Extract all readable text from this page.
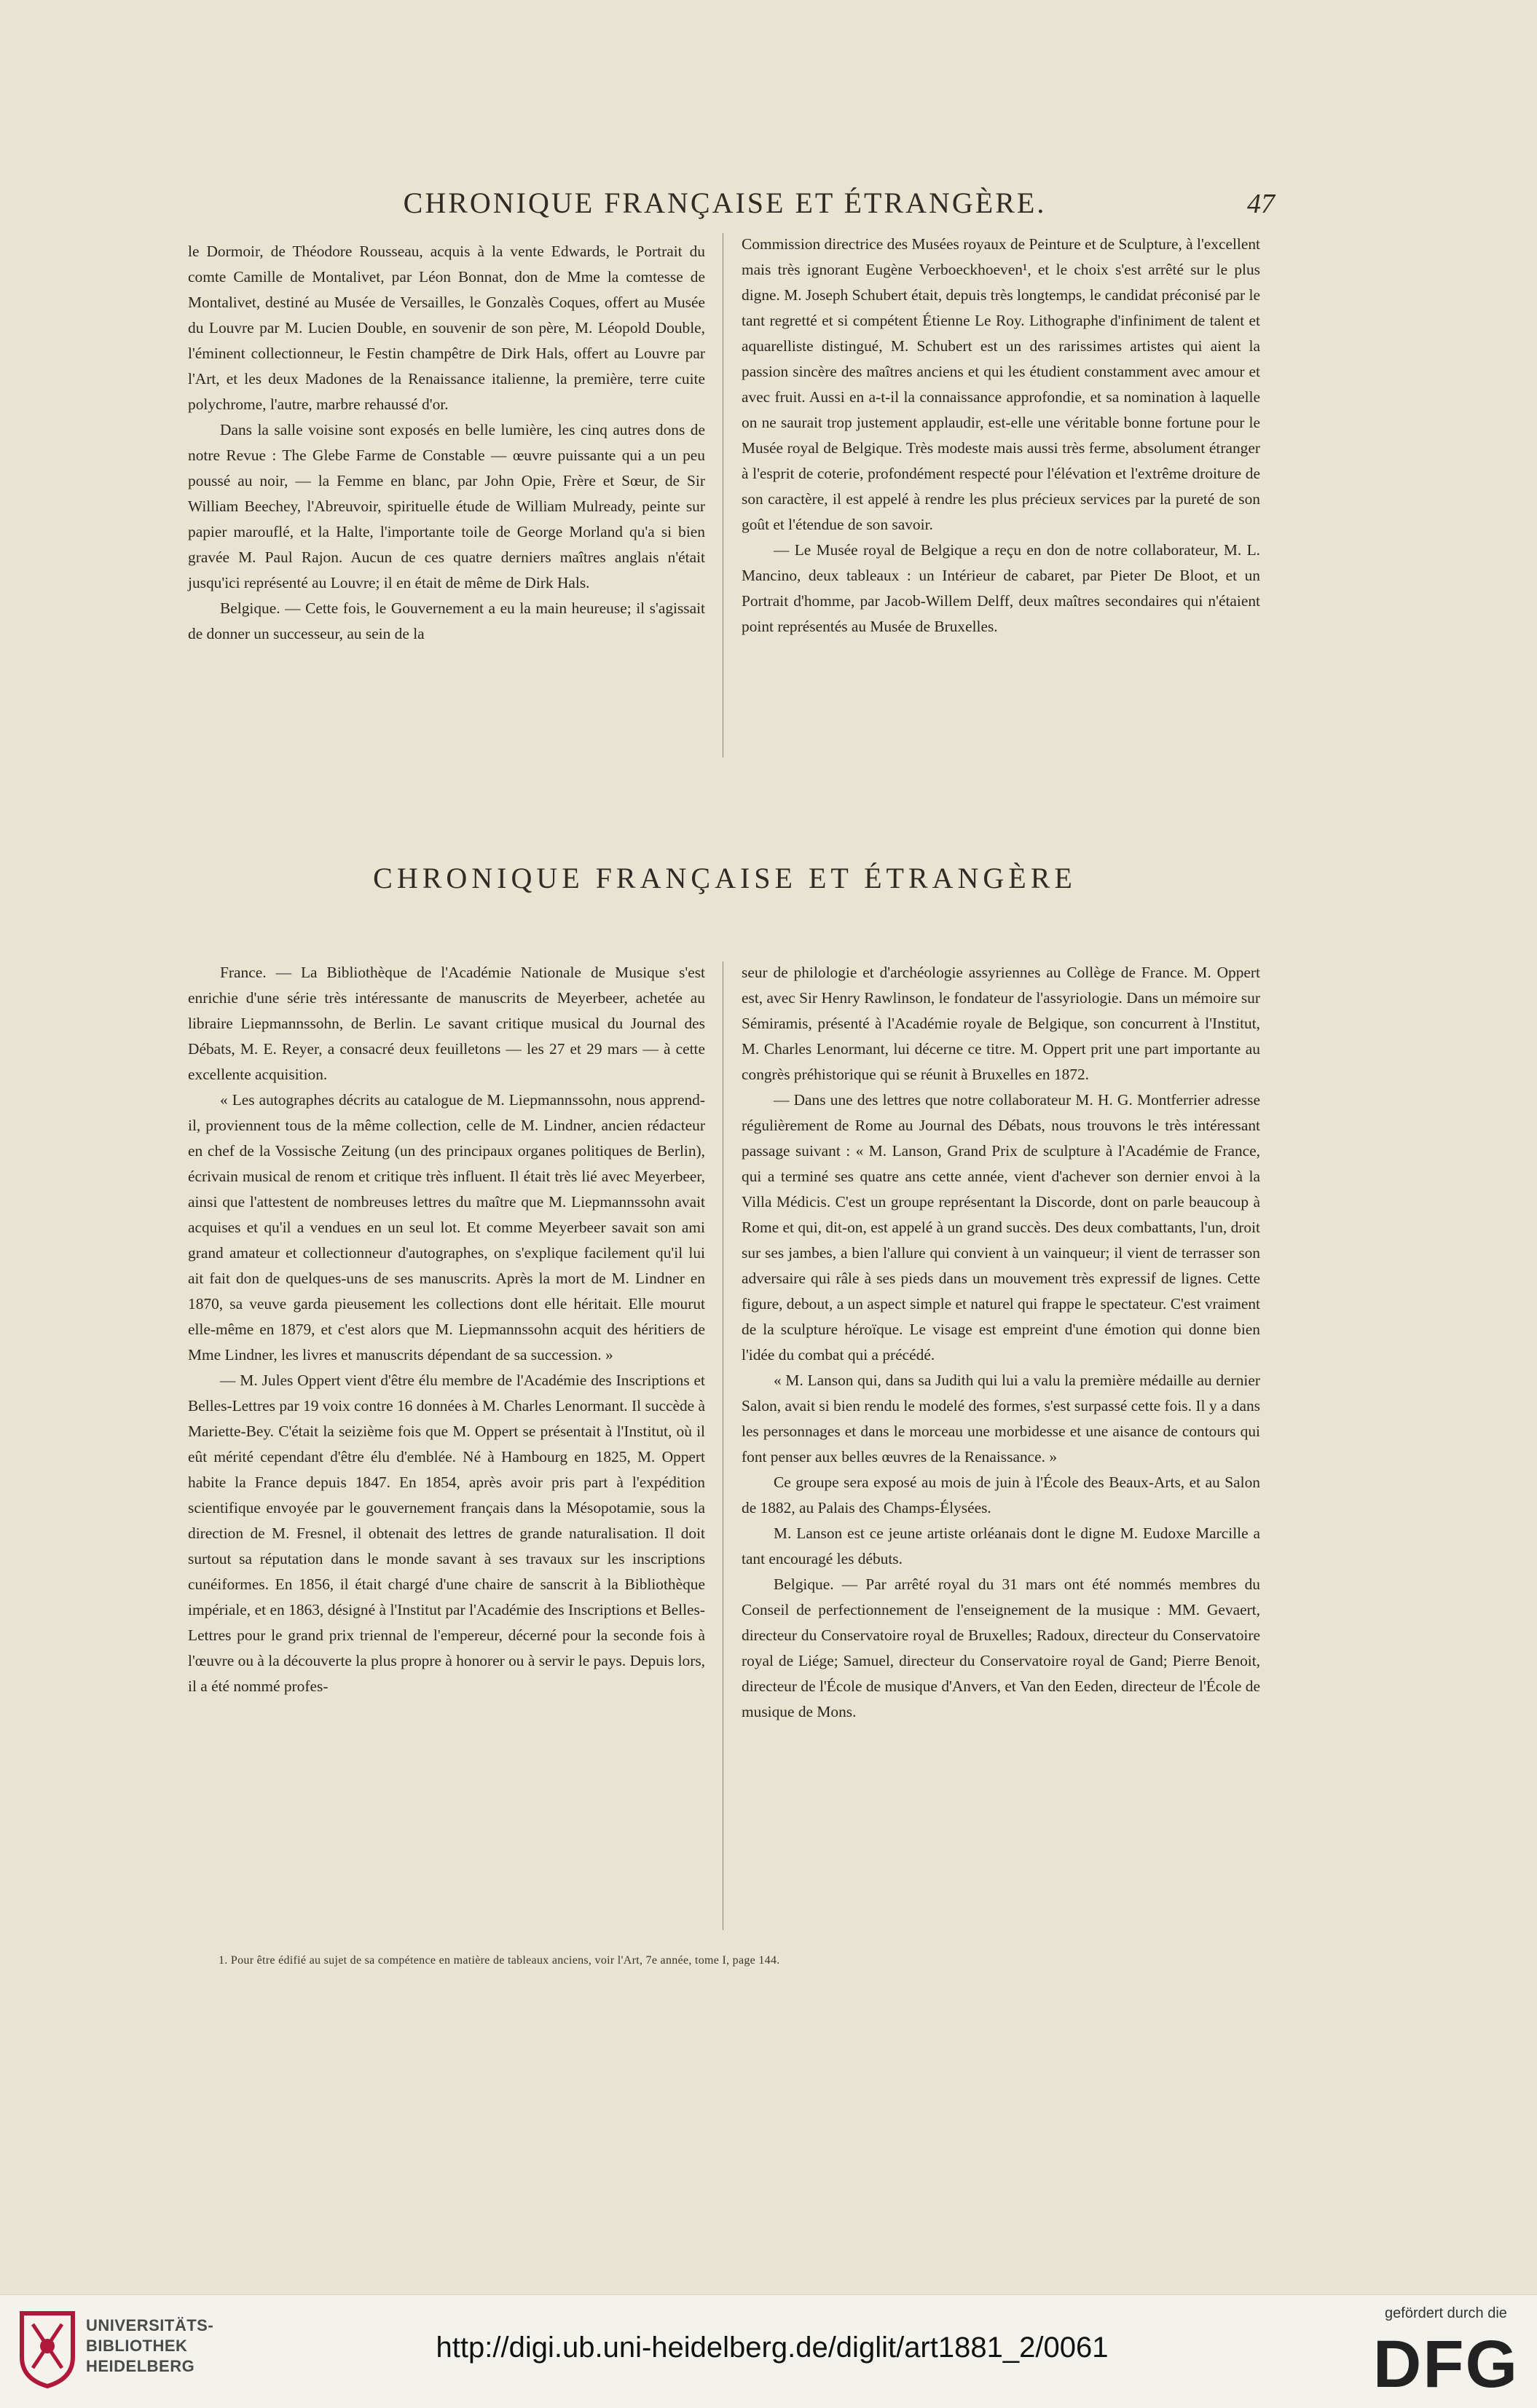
CHRONIQUE FRANÇAISE ET ÉTRANGÈRE.	47

le Dormoir, de Théodore Rousseau, acquis à la vente Edwards, le Portrait du comte Camille de Montalivet, par Léon Bonnat, don de Mme la comtesse de Montalivet, destiné au Musée de Versailles, le Gonzalès Coques, offert au Musée du Louvre par M. Lucien Double, en souvenir de son père, M. Léopold Double, l'éminent collectionneur, le Festin champêtre de Dirk Hals, offert au Louvre par l'Art, et les deux Madones de la Renaissance italienne, la première, terre cuite polychrome, l'autre, marbre rehaussé d'or.

Dans la salle voisine sont exposés en belle lumière, les cinq autres dons de notre Revue : The Glebe Farme de Constable — œuvre puissante qui a un peu poussé au noir, — la Femme en blanc, par John Opie, Frère et Sœur, de Sir William Beechey, l'Abreuvoir, spirituelle étude de William Mulready, peinte sur papier marouflé, et la Halte, l'importante toile de George Morland qu'a si bien gravée M. Paul Rajon. Aucun de ces quatre derniers maîtres anglais n'était jusqu'ici représenté au Louvre; il en était de même de Dirk Hals.

Belgique. — Cette fois, le Gouvernement a eu la main heureuse; il s'agissait de donner un successeur, au sein de la

Commission directrice des Musées royaux de Peinture et de Sculpture, à l'excellent mais très ignorant Eugène Verboeckhoeven¹, et le choix s'est arrêté sur le plus digne. M. Joseph Schubert était, depuis très longtemps, le candidat préconisé par le tant regretté et si compétent Étienne Le Roy. Lithographe d'infiniment de talent et aquarelliste distingué, M. Schubert est un des rarissimes artistes qui aient la passion sincère des maîtres anciens et qui les étudient constamment avec amour et avec fruit. Aussi en a-t-il la connaissance approfondie, et sa nomination à laquelle on ne saurait trop justement applaudir, est-elle une véritable bonne fortune pour le Musée royal de Belgique. Très modeste mais aussi très ferme, absolument étranger à l'esprit de coterie, profondément respecté pour l'élévation et l'extrême droiture de son caractère, il est appelé à rendre les plus précieux services par la pureté de son goût et l'étendue de son savoir.

— Le Musée royal de Belgique a reçu en don de notre collaborateur, M. L. Mancino, deux tableaux : un Intérieur de cabaret, par Pieter De Bloot, et un Portrait d'homme, par Jacob-Willem Delff, deux maîtres secondaires qui n'étaient point représentés au Musée de Bruxelles.

CHRONIQUE FRANÇAISE ET ÉTRANGÈRE

France. — La Bibliothèque de l'Académie Nationale de Musique s'est enrichie d'une série très intéressante de manuscrits de Meyerbeer, achetée au libraire Liepmannssohn, de Berlin. Le savant critique musical du Journal des Débats, M. E. Reyer, a consacré deux feuilletons — les 27 et 29 mars — à cette excellente acquisition.

« Les autographes décrits au catalogue de M. Liepmannssohn, nous apprend-il, proviennent tous de la même collection, celle de M. Lindner, ancien rédacteur en chef de la Vossische Zeitung (un des principaux organes politiques de Berlin), écrivain musical de renom et critique très influent. Il était très lié avec Meyerbeer, ainsi que l'attestent de nombreuses lettres du maître que M. Liepmannssohn avait acquises et qu'il a vendues en un seul lot. Et comme Meyerbeer savait son ami grand amateur et collectionneur d'autographes, on s'explique facilement qu'il lui ait fait don de quelques-uns de ses manuscrits. Après la mort de M. Lindner en 1870, sa veuve garda pieusement les collections dont elle héritait. Elle mourut elle-même en 1879, et c'est alors que M. Liepmannssohn acquit des héritiers de Mme Lindner, les livres et manuscrits dépendant de sa succession. »

— M. Jules Oppert vient d'être élu membre de l'Académie des Inscriptions et Belles-Lettres par 19 voix contre 16 données à M. Charles Lenormant. Il succède à Mariette-Bey. C'était la seizième fois que M. Oppert se présentait à l'Institut, où il eût mérité cependant d'être élu d'emblée. Né à Hambourg en 1825, M. Oppert habite la France depuis 1847. En 1854, après avoir pris part à l'expédition scientifique envoyée par le gouvernement français dans la Mésopotamie, sous la direction de M. Fresnel, il obtenait des lettres de grande naturalisation. Il doit surtout sa réputation dans le monde savant à ses travaux sur les inscriptions cunéiformes. En 1856, il était chargé d'une chaire de sanscrit à la Bibliothèque impériale, et en 1863, désigné à l'Institut par l'Académie des Inscriptions et Belles-Lettres pour le grand prix triennal de l'empereur, décerné pour la seconde fois à l'œuvre ou à la découverte la plus propre à honorer ou à servir le pays. Depuis lors, il a été nommé profes-

seur de philologie et d'archéologie assyriennes au Collège de France. M. Oppert est, avec Sir Henry Rawlinson, le fondateur de l'assyriologie. Dans un mémoire sur Sémiramis, présenté à l'Académie royale de Belgique, son concurrent à l'Institut, M. Charles Lenormant, lui décerne ce titre. M. Oppert prit une part importante au congrès préhistorique qui se réunit à Bruxelles en 1872.

— Dans une des lettres que notre collaborateur M. H. G. Montferrier adresse régulièrement de Rome au Journal des Débats, nous trouvons le très intéressant passage suivant : « M. Lanson, Grand Prix de sculpture à l'Académie de France, qui a terminé ses quatre ans cette année, vient d'achever son dernier envoi à la Villa Médicis. C'est un groupe représentant la Discorde, dont on parle beaucoup à Rome et qui, dit-on, est appelé à un grand succès. Des deux combattants, l'un, droit sur ses jambes, a bien l'allure qui convient à un vainqueur; il vient de terrasser son adversaire qui râle à ses pieds dans un mouvement très expressif de lignes. Cette figure, debout, a un aspect simple et naturel qui frappe le spectateur. C'est vraiment de la sculpture héroïque. Le visage est empreint d'une émotion qui donne bien l'idée du combat qui a précédé.

« M. Lanson qui, dans sa Judith qui lui a valu la première médaille au dernier Salon, avait si bien rendu le modelé des formes, s'est surpassé cette fois. Il y a dans les personnages et dans le morceau une morbidesse et une aisance de contours qui font penser aux belles œuvres de la Renaissance. »

Ce groupe sera exposé au mois de juin à l'École des Beaux-Arts, et au Salon de 1882, au Palais des Champs-Élysées.

M. Lanson est ce jeune artiste orléanais dont le digne M. Eudoxe Marcille a tant encouragé les débuts.

Belgique. — Par arrêté royal du 31 mars ont été nommés membres du Conseil de perfectionnement de l'enseignement de la musique : MM. Gevaert, directeur du Conservatoire royal de Bruxelles; Radoux, directeur du Conservatoire royal de Liége; Samuel, directeur du Conservatoire royal de Gand; Pierre Benoit, directeur de l'École de musique d'Anvers, et Van den Eeden, directeur de l'École de musique de Mons.

1. Pour être édifié au sujet de sa compétence en matière de tableaux anciens, voir l'Art, 7e année, tome I, page 144.
UNIVERSITÄTS-
BIBLIOTHEK
HEIDELBERG
http://digi.ub.uni-heidelberg.de/diglit/art1881_2/0061
gefördert durch die
DFG
